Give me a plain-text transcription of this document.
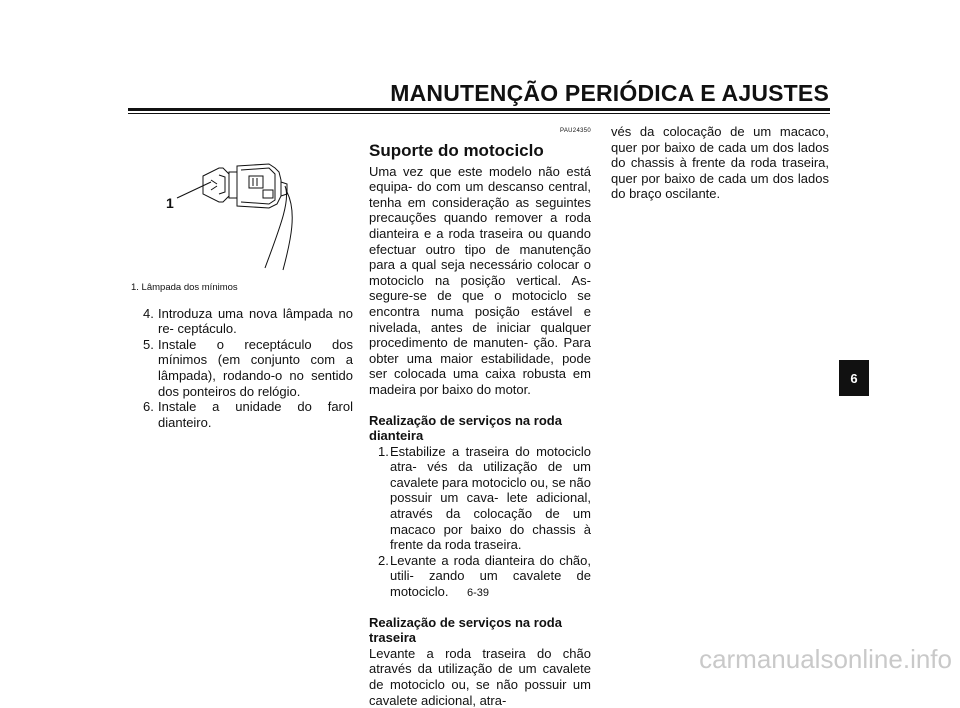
MANUTENÇÃO PERIÓDICA E AJUSTES
6
1
1. Lâmpada dos mínimos
4. Introduza uma nova lâmpada no re- ceptáculo.
5. Instale o receptáculo dos mínimos (em conjunto com a lâmpada), rodando-o no sentido dos ponteiros do relógio.
6. Instale a unidade do farol dianteiro.
PAU24350
Suporte do motociclo

Uma vez que este modelo não está equipa- do com um descanso central, tenha em consideração as seguintes precauções quando remover a roda dianteira e a roda traseira ou quando efectuar outro tipo de manutenção para a qual seja necessário colocar o motociclo na posição vertical. As- segure-se de que o motociclo se encontra numa posição estável e nivelada, antes de iniciar qualquer procedimento de manuten- ção. Para obter uma maior estabilidade, pode ser colocada uma caixa robusta em madeira por baixo do motor.

Realização de serviços na roda dianteira

1. Estabilize a traseira do motociclo atra- vés da utilização de um cavalete para motociclo ou, se não possuir um cava- lete adicional, através da colocação de um macaco por baixo do chassis à frente da roda traseira.
2. Levante a roda dianteira do chão, utili- zando um cavalete de motociclo.

Realização de serviços na roda traseira

Levante a roda traseira do chão através da utilização de um cavalete de motociclo ou, se não possuir um cavalete adicional, atra-

vés da colocação de um macaco, quer por baixo de cada um dos lados do chassis à frente da roda traseira, quer por baixo de cada um dos lados do braço oscilante.

6-39
carmanualsonline.info
